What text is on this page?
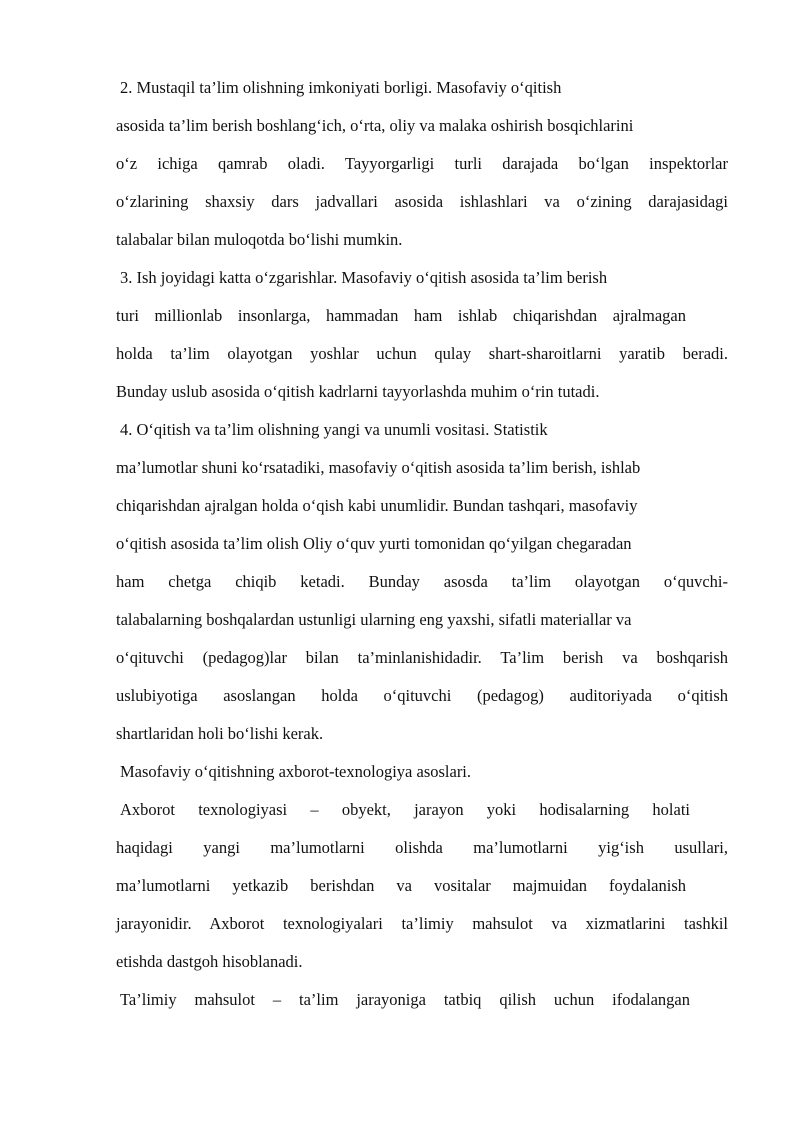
2. Mustaqil ta’lim olishning imkoniyati borligi. Masofaviy o‘qitish
asosida ta’lim berish boshlang‘ich, o‘rta, oliy va malaka oshirish bosqichlarini
o‘z ichiga qamrab oladi. Tayyorgarligi turli darajada bo‘lgan inspektorlar
o‘zlarining shaxsiy dars jadvallari asosida ishlashlari va o‘zining darajasidagi
talabalar bilan muloqotda bo‘lishi mumkin.
3. Ish joyidagi katta o‘zgarishlar. Masofaviy o‘qitish asosida ta’lim berish
turi millionlab insonlarga, hammadan ham ishlab chiqarishdan ajralmagan
holda ta’lim olayotgan yoshlar uchun qulay shart-sharoitlarni yaratib beradi.
Bunday uslub asosida o‘qitish kadrlarni tayyorlashda muhim o‘rin tutadi.
4. O‘qitish va ta’lim olishning yangi va unumli vositasi. Statistik
ma’lumotlar shuni ko‘rsatadiki, masofaviy o‘qitish asosida ta’lim berish, ishlab
chiqarishdan ajralgan holda o‘qish kabi unumlidir. Bundan tashqari, masofaviy
o‘qitish asosida ta’lim olish Oliy o‘quv yurti tomonidan qo‘yilgan chegaradan
ham chetga chiqib ketadi. Bunday asosda ta’lim olayotgan o‘quvchi-
talabalarning boshqalardan ustunligi ularning eng yaxshi, sifatli materiallar va
o‘qituvchi (pedagog)lar bilan ta’minlanishidadir. Ta’lim berish va boshqarish
uslubiyotiga asoslangan holda o‘qituvchi (pedagog) auditoriyada o‘qitish
shartlaridan holi bo‘lishi kerak.
Masofaviy o‘qitishning axborot-texnologiya asoslari.
Axborot texnologiyasi – obyekt, jarayon yoki hodisalarning holati
haqidagi yangi ma’lumotlarni olishda ma’lumotlarni yig‘ish usullari,
ma’lumotlarni yetkazib berishdan va vositalar majmuidan foydalanish
jarayonidir. Axborot texnologiyalari ta’limiy mahsulot va xizmatlarini tashkil
etishda dastgoh hisoblanadi.
Ta’limiy mahsulot – ta’lim jarayoniga tatbiq qilish uchun ifodalangan
